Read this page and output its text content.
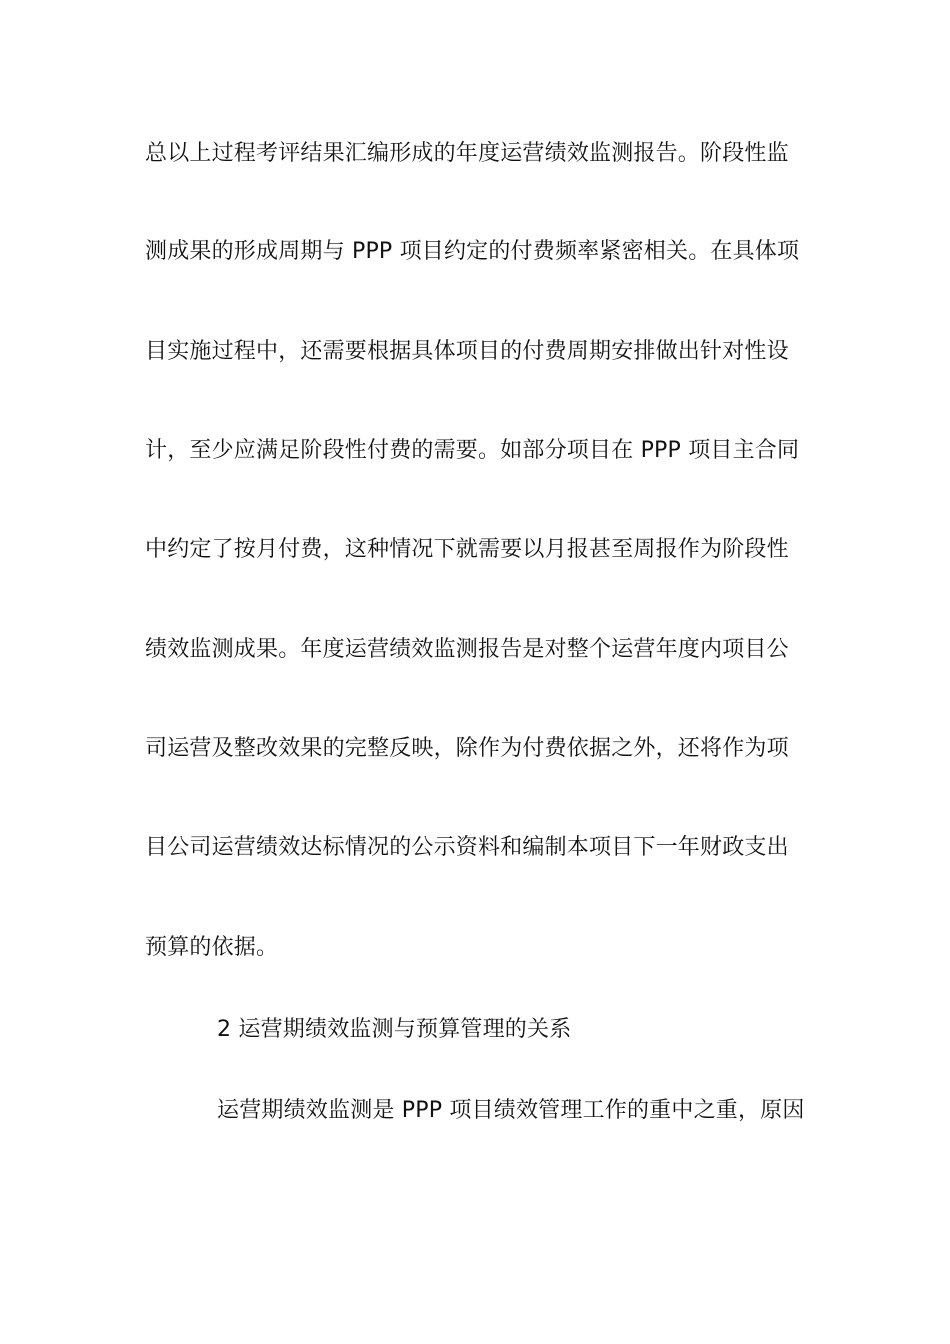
总以上过程考评结果汇编形成的年度运营绩效监测报告。阶段性监
测成果的形成周期与 PPP 项目约定的付费频率紧密相关。在具体项
目实施过程中，还需要根据具体项目的付费周期安排做出针对性设
计，至少应满足阶段性付费的需要。如部分项目在 PPP 项目主合同
中约定了按月付费，这种情况下就需要以月报甚至周报作为阶段性
绩效监测成果。年度运营绩效监测报告是对整个运营年度内项目公
司运营及整改效果的完整反映，除作为付费依据之外，还将作为项
目公司运营绩效达标情况的公示资料和编制本项目下一年财政支出
预算的依据。
2 运营期绩效监测与预算管理的关系
运营期绩效监测是 PPP 项目绩效管理工作的重中之重，原因
